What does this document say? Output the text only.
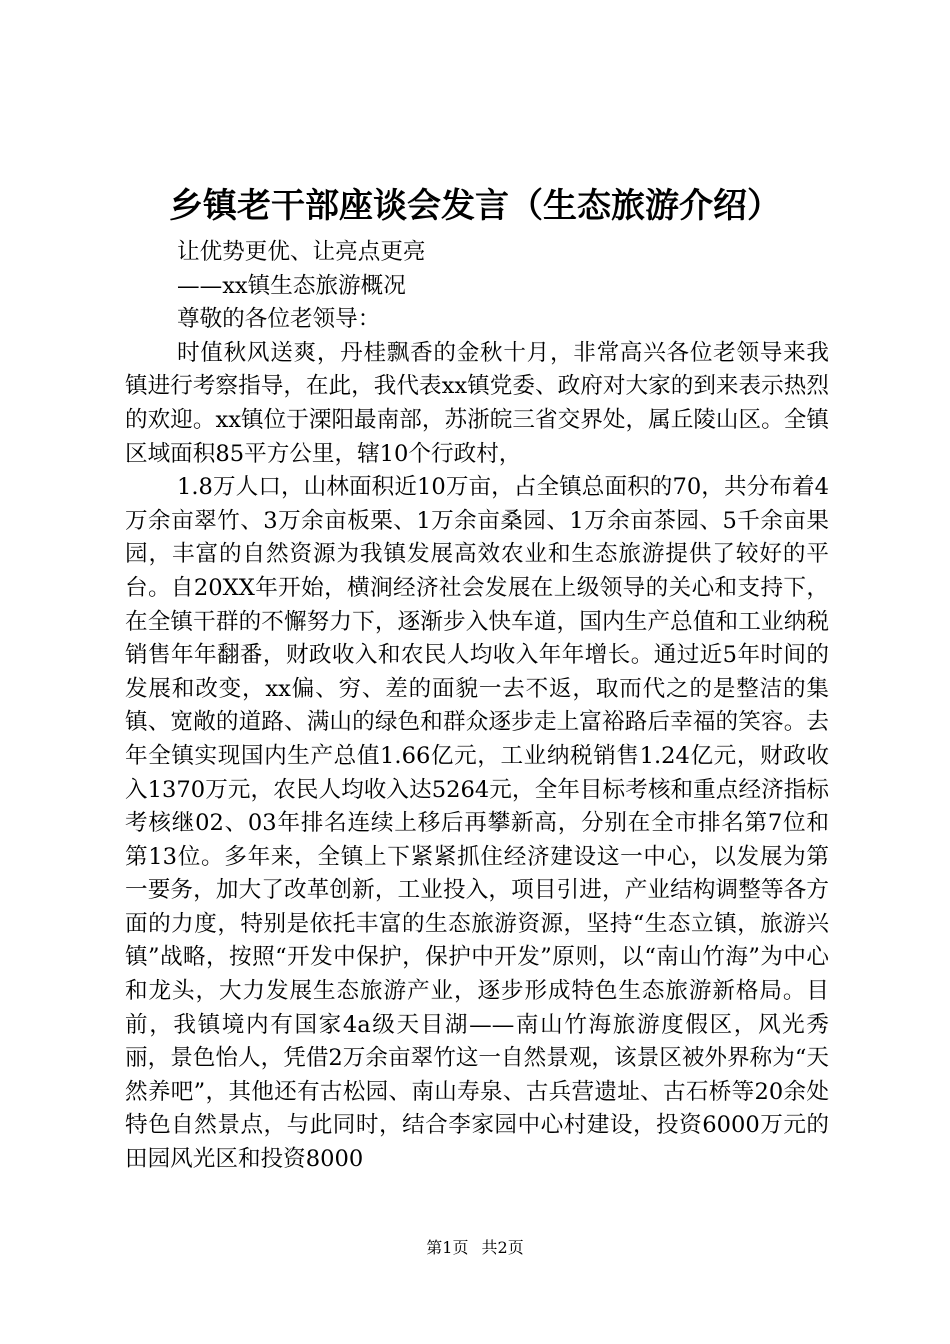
乡镇老干部座谈会发言（生态旅游介绍）

让优势更优、让亮点更亮

——xx镇生态旅游概况

尊敬的各位老领导：

时值秋风送爽，丹桂飘香的金秋十月，非常高兴各位老领导来我镇进行考察指导，在此，我代表xx镇党委、政府对大家的到来表示热烈的欢迎。xx镇位于溧阳最南部，苏浙皖三省交界处，属丘陵山区。全镇区域面积85平方公里，辖10个行政村，

1.8万人口，山林面积近10万亩，占全镇总面积的70，共分布着4万余亩翠竹、3万余亩板栗、1万余亩桑园、1万余亩茶园、5千余亩果园，丰富的自然资源为我镇发展高效农业和生态旅游提供了较好的平台。自20XX年开始，横涧经济社会发展在上级领导的关心和支持下，在全镇干群的不懈努力下，逐渐步入快车道，国内生产总值和工业纳税销售年年翻番，财政收入和农民人均收入年年增长。通过近5年时间的发展和改变，xx偏、穷、差的面貌一去不返，取而代之的是整洁的集镇、宽敞的道路、满山的绿色和群众逐步走上富裕路后幸福的笑容。去年全镇实现国内生产总值1.66亿元，工业纳税销售1.24亿元，财政收入1370万元，农民人均收入达5264元，全年目标考核和重点经济指标考核继02、03年排名连续上移后再攀新高，分别在全市排名第7位和第13位。多年来，全镇上下紧紧抓住经济建设这一中心，以发展为第一要务，加大了改革创新，工业投入，项目引进，产业结构调整等各方面的力度，特别是依托丰富的生态旅游资源，坚持“生态立镇，旅游兴镇”战略，按照“开发中保护，保护中开发”原则，以“南山竹海”为中心和龙头，大力发展生态旅游产业，逐步形成特色生态旅游新格局。目前，我镇境内有国家4a级天目湖——南山竹海旅游度假区，风光秀丽，景色怡人，凭借2万余亩翠竹这一自然景观，该景区被外界称为“天然养吧”，其他还有古松园、南山寿泉、古兵营遗址、古石桥等20余处特色自然景点，与此同时，结合李家园中心村建设，投资6000万元的田园风光区和投资8000

第1页 共2页
